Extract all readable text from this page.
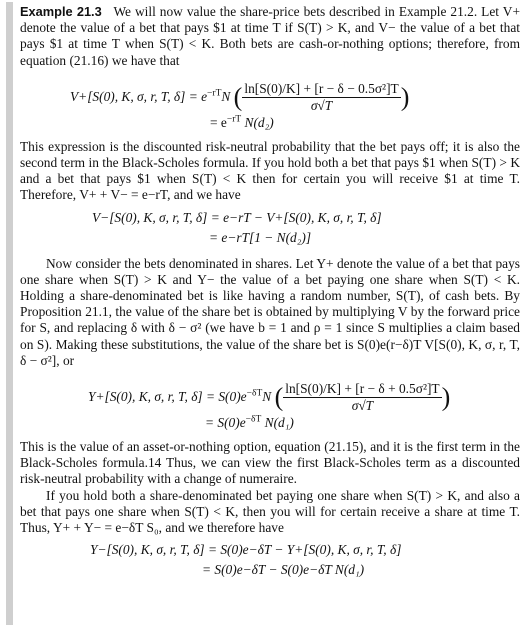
Example 21.3 We will now value the share-price bets described in Example 21.2. Let V+ denote the value of a bet that pays $1 at time T if S(T) > K, and V− the value of a bet that pays $1 at time T when S(T) < K. Both bets are cash-or-nothing options; therefore, from equation (21.16) we have that

V+[S(0), K, σ, r, T, $\delta] = e^{-rT}N$ ( $\frac{\text{ln[S(0)/K] + [r − δ − 0.5σ²]T}}{\sigma√T}$ )
= $e^{-rT}$ N(d₂)

This expression is the discounted risk-neutral probability that the bet pays off; it is also the second term in the Black-Scholes formula. If you hold both a bet that pays $1 when S(T) > K and a bet that pays $1 when S(T) < K then for certain you will receive $1 at time T. Therefore, V+ + V− = e−rT, and we have

V−[S(0), K, σ, r, T, δ] = e−rT − V+[S(0), K, σ, r, T, δ]
= e−rT[1 − N(d₂)]

Now consider the bets denominated in shares. Let Y+ denote the value of a bet that pays one share when S(T) > K and Y− the value of a bet paying one share when S(T) < K. Holding a share-denominated bet is like having a random number, S(T), of cash bets. By Proposition 21.1, the value of the share bet is obtained by multiplying V by the forward price for S, and replacing δ with δ − σ² (we have b = 1 and ρ = 1 since S multiplies a claim based on S). Making these substitutions, the value of the share bet is S(0)e(r−δ)T V[S(0), K, σ, r, T, δ − σ²], or

Y+[S(0), K, σ, r, T, $\delta] = S(0)e^{-\delta T}N$ ( $\frac{\text{ln[S(0)/K] + [r − δ + 0.5σ²]T}}{\sigma√T}$ )
= $S(0)e^{-\delta T}$ N(d₁)

This is the value of an asset-or-nothing option, equation (21.15), and it is the first term in the Black-Scholes formula.14 Thus, we can view the first Black-Scholes term as a discounted risk-neutral probability with a change of numeraire.

If you hold both a share-denominated bet paying one share when S(T) > K, and also a bet that pays one share when S(T) < K, then you will for certain receive a share at time T. Thus, Y+ + Y− = e−δT S₀, and we therefore have

Y−[S(0), K, σ, r, T, δ] = S(0)e−δT − Y+[S(0), K, σ, r, T, δ]
= S(0)e−δT − S(0)e−δT N(d₁)
